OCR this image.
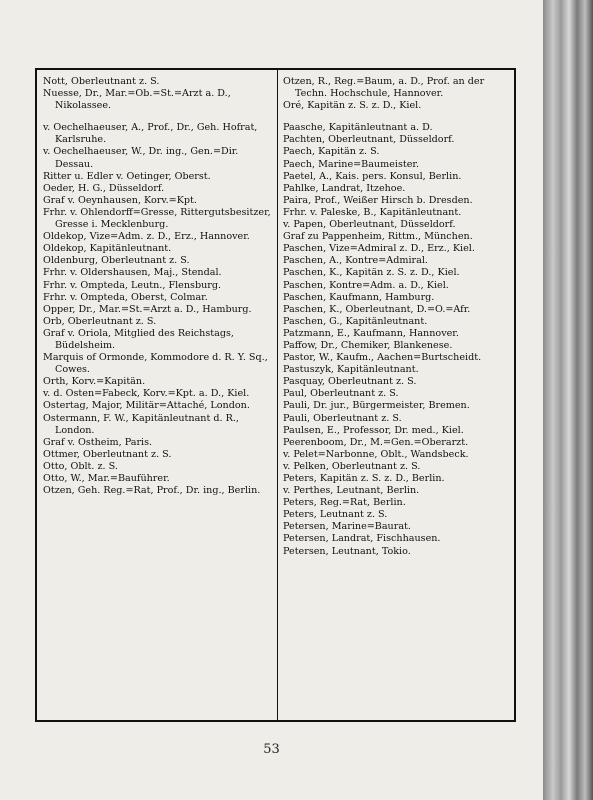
Nott, Oberleutnant z. S.
Nuesse, Dr., Mar.=Ob.=St.=Arzt a. D., Nikolassee.
v. Oechelhaeuser, A., Prof., Dr., Geh. Hofrat, Karlsruhe.
v. Oechelhaeuser, W., Dr. ing., Gen.=Dir. Dessau.
Ritter u. Edler v. Oetinger, Oberst.
Oeder, H. G., Düsseldorf.
Graf v. Oeynhausen, Korv.=Kpt.
Frhr. v. Ohlendorff=Gresse, Rittergutsbesitzer, Gresse i. Mecklenburg.
Oldekop, Vize=Adm. z. D., Erz., Hannover.
Oldekop, Kapitänleutnant.
Oldenburg, Oberleutnant z. S.
Frhr. v. Oldershausen, Maj., Stendal.
Frhr. v. Ompteda, Leutn., Flensburg.
Frhr. v. Ompteda, Oberst, Colmar.
Opper, Dr., Mar.=St.=Arzt a. D., Hamburg.
Orb, Oberleutnant z. S.
Graf v. Oriola, Mitglied des Reichstags, Büdelsheim.
Marquis of Ormonde, Kommodore d. R. Y. Sq., Cowes.
Orth, Korv.=Kapitän.
v. d. Osten=Fabeck, Korv.=Kpt. a. D., Kiel.
Ostertag, Major, Militär=Attaché, London.
Ostermann, F. W., Kapitänleutnant d. R., London.
Graf v. Ostheim, Paris.
Ottmer, Oberleutnant z. S.
Otto, Oblt. z. S.
Otto, W., Mar.=Bauführer.
Otzen, Geh. Reg.=Rat, Prof., Dr. ing., Berlin.
Otzen, R., Reg.=Baum, a. D., Prof. an der Techn. Hochschule, Hannover.
Oré, Kapitän z. S. z. D., Kiel.
Paasche, Kapitänleutnant a. D.
Pachten, Oberleutnant, Düsseldorf.
Paech, Kapitän z. S.
Paech, Marine=Baumeister.
Paetel, A., Kais. pers. Konsul, Berlin.
Pahlke, Landrat, Itzehoe.
Paira, Prof., Weißer Hirsch b. Dresden.
Frhr. v. Paleske, B., Kapitänleutnant.
v. Papen, Oberleutnant, Düsseldorf.
Graf zu Pappenheim, Rittm., München.
Paschen, Vize=Admiral z. D., Erz., Kiel.
Paschen, A., Kontre=Admiral.
Paschen, K., Kapitän z. S. z. D., Kiel.
Paschen, Kontre=Adm. a. D., Kiel.
Paschen, Kaufmann, Hamburg.
Paschen, K., Oberleutnant, D.=O.=Afr.
Paschen, G., Kapitänleutnant.
Patzmann, E., Kaufmann, Hannover.
Paffow, Dr., Chemiker, Blankenese.
Pastor, W., Kaufm., Aachen=Burtscheidt.
Pastuszyk, Kapitänleutnant.
Pasquay, Oberleutnant z. S.
Paul, Oberleutnant z. S.
Pauli, Dr. jur., Bürgermeister, Bremen.
Pauli, Oberleutnant z. S.
Paulsen, E., Professor, Dr. med., Kiel.
Peerenboom, Dr., M.=Gen.=Oberarzt.
v. Pelet=Narbonne, Oblt., Wandsbeck.
v. Pelken, Oberleutnant z. S.
Peters, Kapitän z. S. z. D., Berlin.
v. Perthes, Leutnant, Berlin.
Peters, Reg.=Rat, Berlin.
Peters, Leutnant z. S.
Petersen, Marine=Baurat.
Petersen, Landrat, Fischhausen.
Petersen, Leutnant, Tokio.
53
